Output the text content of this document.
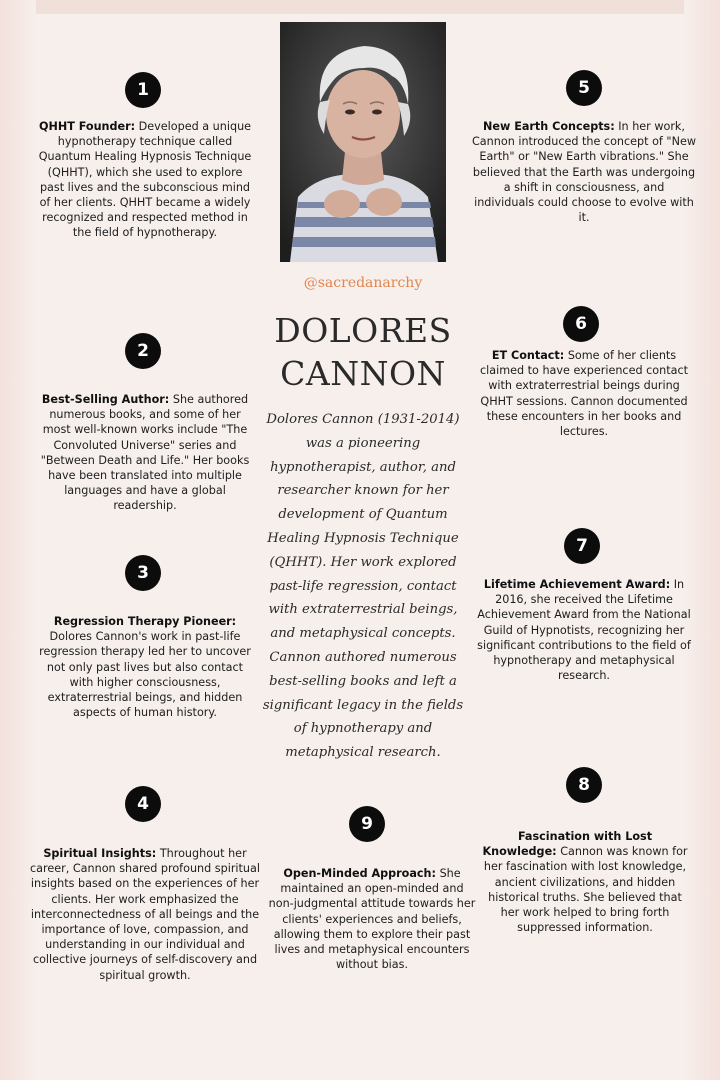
@sacredanarchy
DOLORES
CANNON
Dolores Cannon (1931-2014) was a pioneering hypnotherapist, author, and researcher known for her development of Quantum Healing Hypnosis Technique (QHHT). Her work explored past-life regression, contact with extraterrestrial beings, and metaphysical concepts. Cannon authored numerous best-selling books and left a significant legacy in the fields of hypnotherapy and metaphysical research.
1
QHHT Founder: Developed a unique hypnotherapy technique called Quantum Healing Hypnosis Technique (QHHT), which she used to explore past lives and the subconscious mind of her clients. QHHT became a widely recognized and respected method in the field of hypnotherapy.
2
Best-Selling Author: She authored numerous books, and some of her most well-known works include "The Convoluted Universe" series and "Between Death and Life." Her books have been translated into multiple languages and have a global readership.
3
Regression Therapy Pioneer: Dolores Cannon's work in past-life regression therapy led her to uncover not only past lives but also contact with higher consciousness, extraterrestrial beings, and hidden aspects of human history.
4
Spiritual Insights: Throughout her career, Cannon shared profound spiritual insights based on the experiences of her clients. Her work emphasized the interconnectedness of all beings and the importance of love, compassion, and understanding in our individual and collective journeys of self-discovery and spiritual growth.
5
New Earth Concepts: In her work, Cannon introduced the concept of "New Earth" or "New Earth vibrations." She believed that the Earth was undergoing a shift in consciousness, and individuals could choose to evolve with it.
6
ET Contact: Some of her clients claimed to have experienced contact with extraterrestrial beings during QHHT sessions. Cannon documented these encounters in her books and lectures.
7
Lifetime Achievement Award: In 2016, she received the Lifetime Achievement Award from the National Guild of Hypnotists, recognizing her significant contributions to the field of hypnotherapy and metaphysical research.
8
Fascination with Lost Knowledge: Cannon was known for her fascination with lost knowledge, ancient civilizations, and hidden historical truths. She believed that her work helped to bring forth suppressed information.
9
Open-Minded Approach: She maintained an open-minded and non-judgmental attitude towards her clients' experiences and beliefs, allowing them to explore their past lives and metaphysical encounters without bias.
